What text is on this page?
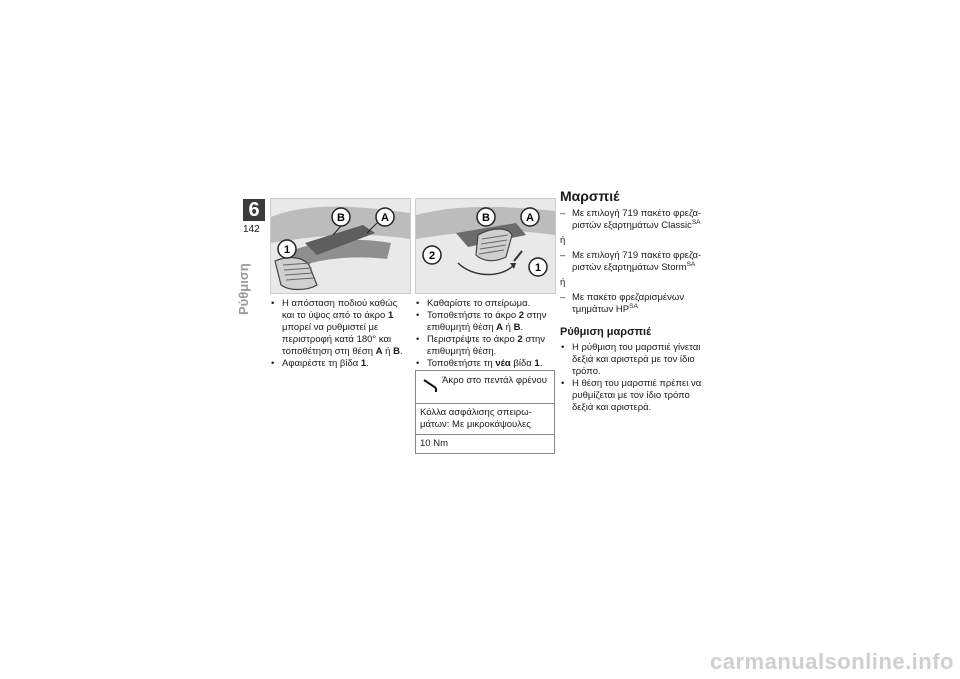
6
142
Ρύθμιση
B	A
1
B	A
2
1
• Η απόσταση ποδιού καθώς και το ύψος από το άκρο 1 μπορεί να ρυθμιστεί με περιστροφή κατά 180° και τοποθέτηση στη θέση A ή B.
• Αφαιρέστε τη βίδα 1.
• Καθαρίστε το σπείρωμα.
• Τοποθετήστε το άκρο 2 στην επιθυμητή θέση A ή B.
• Περιστρέψτε το άκρο 2 στην επιθυμητή θέση.
• Τοποθετήστε τη νέα βίδα 1.
Άκρο στο πεντάλ φρένου
Κόλλα ασφάλισης σπειρω-μάτων: Με μικροκάψουλες
10 Nm
Μαρσπιέ
– Με επιλογή 719 πακέτο φρεζα-ριστών εξαρτημάτων Classic$^{SA}$
ή
– Με επιλογή 719 πακέτο φρεζα-ριστών εξαρτημάτων Storm$^{SA}$
ή
– Με πακέτο φρεζαρισμένων τμημάτων $HP^{SA}$
Ρύθμιση μαρσπιέ
• Η ρύθμιση του μαρσπιέ γίνεται δεξιά και αριστερά με τον ίδιο τρόπο.
• Η θέση του μαρσπιέ πρέπει να ρυθμίζεται με τον ίδιο τρόπο δεξιά και αριστερά.
carmanualsonline.info
